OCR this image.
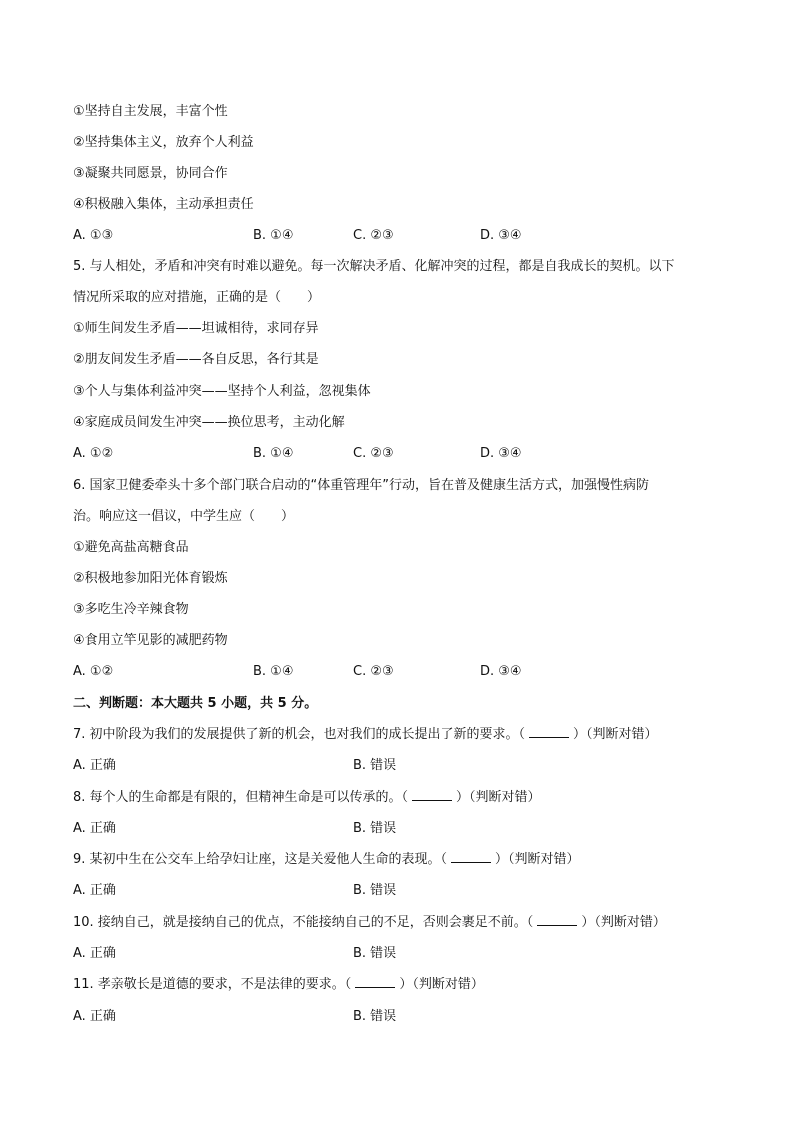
①坚持自主发展，丰富个性
②坚持集体主义，放弃个人利益
③凝聚共同愿景，协同合作
④积极融入集体，主动承担责任
A. ①③	B. ①④	C. ②③	D. ③④
5. 与人相处，矛盾和冲突有时难以避免。每一次解决矛盾、化解冲突的过程，都是自我成长的契机。以下
情况所采取的应对措施，正确的是（　　）
①师生间发生矛盾——坦诚相待，求同存异
②朋友间发生矛盾——各自反思，各行其是
③个人与集体利益冲突——坚持个人利益，忽视集体
④家庭成员间发生冲突——换位思考，主动化解
A. ①②	B. ①④	C. ②③	D. ③④
6. 国家卫健委牵头十多个部门联合启动的“体重管理年”行动，旨在普及健康生活方式，加强慢性病防
治。响应这一倡议，中学生应（　　）
①避免高盐高糖食品
②积极地参加阳光体育锻炼
③多吃生冷辛辣食物
④食用立竿见影的减肥药物
A. ①②	B. ①④	C. ②③	D. ③④
二、判断题：本大题共 5 小题，共 5 分。
7. 初中阶段为我们的发展提供了新的机会，也对我们的成长提出了新的要求。（	）（判断对错）
A. 正确	B. 错误
8. 每个人的生命都是有限的，但精神生命是可以传承的。（	）（判断对错）
A. 正确	B. 错误
9. 某初中生在公交车上给孕妇让座，这是关爱他人生命的表现。（	）（判断对错）
A. 正确	B. 错误
10. 接纳自己，就是接纳自己的优点，不能接纳自己的不足，否则会裹足不前。（	）（判断对错）
A. 正确	B. 错误
11. 孝亲敬长是道德的要求，不是法律的要求。（	）（判断对错）
A. 正确	B. 错误
